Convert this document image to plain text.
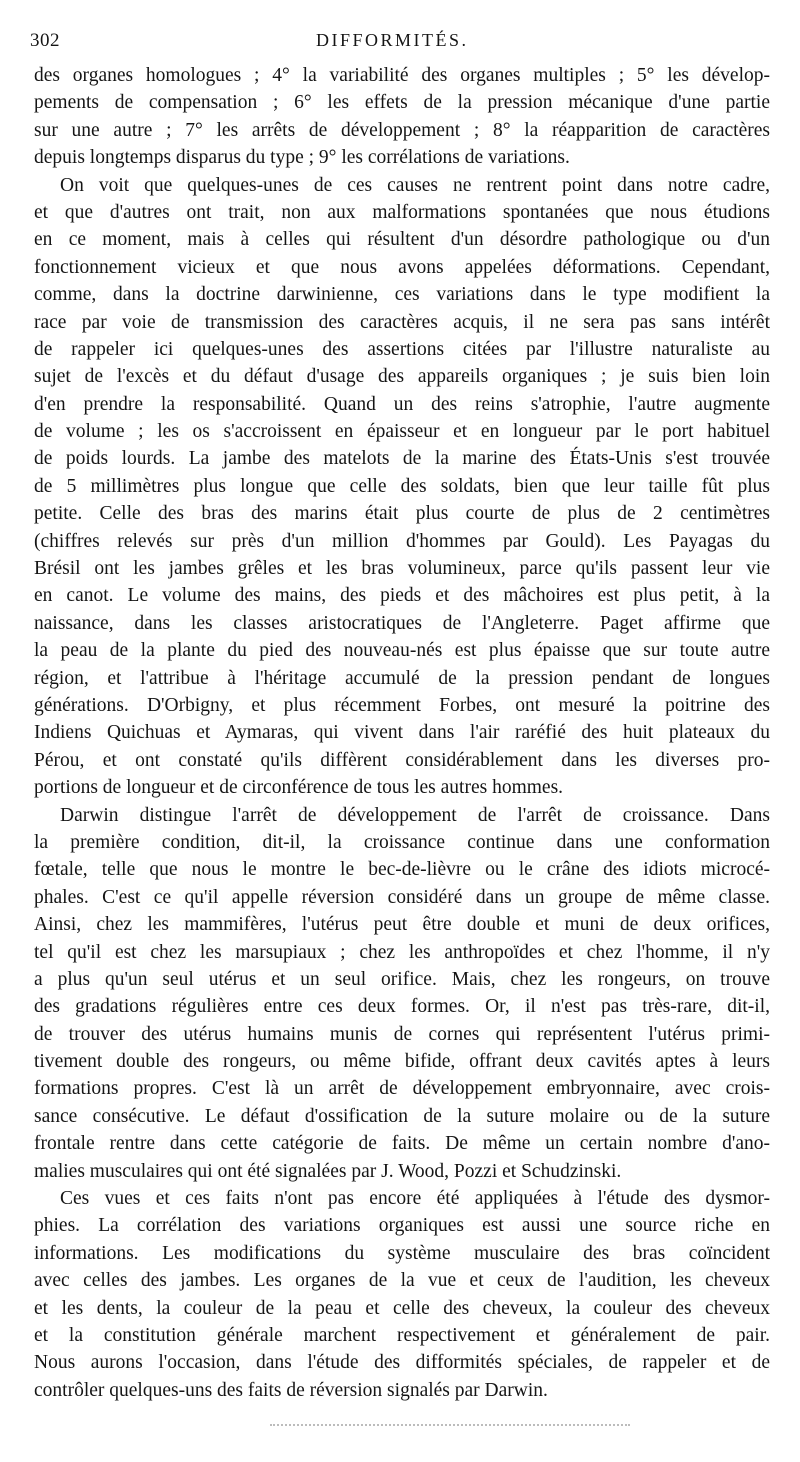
302	DIFFORMITÉS.
des organes homologues ; 4° la variabilité des organes multiples ; 5° les dévelop-
pements de compensation ; 6° les effets de la pression mécanique d'une partie
sur une autre ; 7° les arrêts de développement ; 8° la réapparition de caractères
depuis longtemps disparus du type ; 9° les corrélations de variations.
On voit que quelques-unes de ces causes ne rentrent point dans notre cadre,
et que d'autres ont trait, non aux malformations spontanées que nous étudions
en ce moment, mais à celles qui résultent d'un désordre pathologique ou d'un
fonctionnement vicieux et que nous avons appelées déformations. Cependant,
comme, dans la doctrine darwinienne, ces variations dans le type modifient la
race par voie de transmission des caractères acquis, il ne sera pas sans intérêt
de rappeler ici quelques-unes des assertions citées par l'illustre naturaliste au
sujet de l'excès et du défaut d'usage des appareils organiques ; je suis bien loin
d'en prendre la responsabilité. Quand un des reins s'atrophie, l'autre augmente
de volume ; les os s'accroissent en épaisseur et en longueur par le port habituel
de poids lourds. La jambe des matelots de la marine des États-Unis s'est trouvée
de 5 millimètres plus longue que celle des soldats, bien que leur taille fût plus
petite. Celle des bras des marins était plus courte de plus de 2 centimètres
(chiffres relevés sur près d'un million d'hommes par Gould). Les Payagas du
Brésil ont les jambes grêles et les bras volumineux, parce qu'ils passent leur vie
en canot. Le volume des mains, des pieds et des mâchoires est plus petit, à la
naissance, dans les classes aristocratiques de l'Angleterre. Paget affirme que
la peau de la plante du pied des nouveau-nés est plus épaisse que sur toute autre
région, et l'attribue à l'héritage accumulé de la pression pendant de longues
générations. D'Orbigny, et plus récemment Forbes, ont mesuré la poitrine des
Indiens Quichuas et Aymaras, qui vivent dans l'air raréfié des huit plateaux du
Pérou, et ont constaté qu'ils diffèrent considérablement dans les diverses pro-
portions de longueur et de circonférence de tous les autres hommes.
Darwin distingue l'arrêt de développement de l'arrêt de croissance. Dans
la première condition, dit-il, la croissance continue dans une conformation
fœtale, telle que nous le montre le bec-de-lièvre ou le crâne des idiots microcé-
phales. C'est ce qu'il appelle réversion considéré dans un groupe de même classe.
Ainsi, chez les mammifères, l'utérus peut être double et muni de deux orifices,
tel qu'il est chez les marsupiaux ; chez les anthropoïdes et chez l'homme, il n'y
a plus qu'un seul utérus et un seul orifice. Mais, chez les rongeurs, on trouve
des gradations régulières entre ces deux formes. Or, il n'est pas très-rare, dit-il,
de trouver des utérus humains munis de cornes qui représentent l'utérus primi-
tivement double des rongeurs, ou même bifide, offrant deux cavités aptes à leurs
formations propres. C'est là un arrêt de développement embryonnaire, avec crois-
sance consécutive. Le défaut d'ossification de la suture molaire ou de la suture
frontale rentre dans cette catégorie de faits. De même un certain nombre d'ano-
malies musculaires qui ont été signalées par J. Wood, Pozzi et Schudzinski.
Ces vues et ces faits n'ont pas encore été appliquées à l'étude des dysmor-
phies. La corrélation des variations organiques est aussi une source riche en
informations. Les modifications du système musculaire des bras coïncident
avec celles des jambes. Les organes de la vue et ceux de l'audition, les cheveux
et les dents, la couleur de la peau et celle des cheveux, la couleur des cheveux
et la constitution générale marchent respectivement et généralement de pair.
Nous aurons l'occasion, dans l'étude des difformités spéciales, de rappeler et de
contrôler quelques-uns des faits de réversion signalés par Darwin.
